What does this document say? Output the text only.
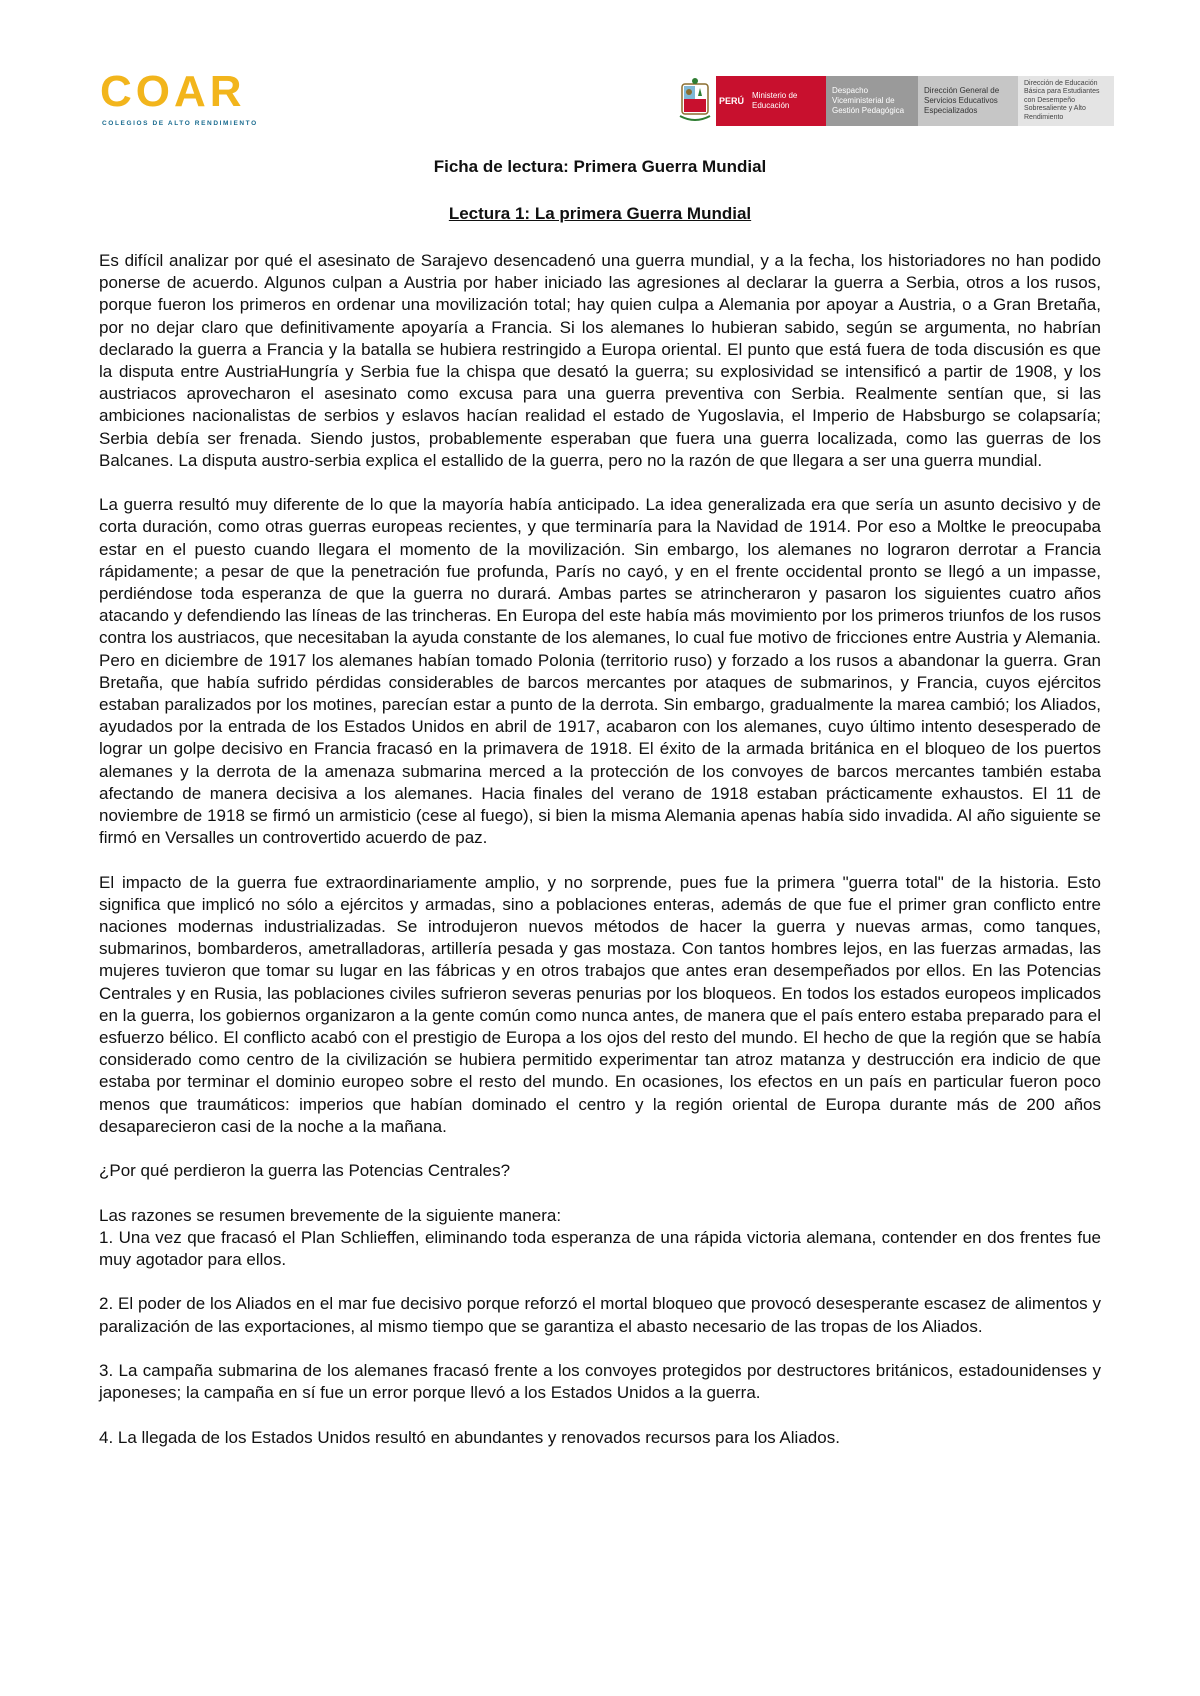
COAR
COLEGIOS DE ALTO RENDIMIENTO
PERÚ
Ministerio de Educación
Despacho Viceministerial de Gestión Pedagógica
Dirección General de Servicios Educativos Especializados
Dirección de Educación Básica para Estudiantes con Desempeño Sobresaliente y Alto Rendimiento
Ficha de lectura: Primera Guerra Mundial
Lectura 1: La primera Guerra Mundial

Es difícil analizar por qué el asesinato de Sarajevo desencadenó una guerra mundial, y a la fecha, los historiadores no han podido ponerse de acuerdo. Algunos culpan a Austria por haber iniciado las agresiones al declarar la guerra a Serbia, otros a los rusos, porque fueron los primeros en ordenar una movilización total; hay quien culpa a Alemania por apoyar a Austria, o a Gran Bretaña, por no dejar claro que definitivamente apoyaría a Francia. Si los alemanes lo hubieran sabido, según se argumenta, no habrían declarado la guerra a Francia y la batalla se hubiera restringido a Europa oriental. El punto que está fuera de toda discusión es que la disputa entre AustriaHungría y Serbia fue la chispa que desató la guerra; su explosividad se intensificó a partir de 1908, y los austriacos aprovecharon el asesinato como excusa para una guerra preventiva con Serbia. Realmente sentían que, si las ambiciones nacionalistas de serbios y eslavos hacían realidad el estado de Yugoslavia, el Imperio de Habsburgo se colapsaría; Serbia debía ser frenada. Siendo justos, probablemente esperaban que fuera una guerra localizada, como las guerras de los Balcanes. La disputa austro-serbia explica el estallido de la guerra, pero no la razón de que llegara a ser una guerra mundial.

La guerra resultó muy diferente de lo que la mayoría había anticipado. La idea generalizada era que sería un asunto decisivo y de corta duración, como otras guerras europeas recientes, y que terminaría para la Navidad de 1914. Por eso a Moltke le preocupaba estar en el puesto cuando llegara el momento de la movilización. Sin embargo, los alemanes no lograron derrotar a Francia rápidamente; a pesar de que la penetración fue profunda, París no cayó, y en el frente occidental pronto se llegó a un impasse, perdiéndose toda esperanza de que la guerra no durará. Ambas partes se atrincheraron y pasaron los siguientes cuatro años atacando y defendiendo las líneas de las trincheras. En Europa del este había más movimiento por los primeros triunfos de los rusos contra los austriacos, que necesitaban la ayuda constante de los alemanes, lo cual fue motivo de fricciones entre Austria y Alemania. Pero en diciembre de 1917 los alemanes habían tomado Polonia (territorio ruso) y forzado a los rusos a abandonar la guerra. Gran Bretaña, que había sufrido pérdidas considerables de barcos mercantes por ataques de submarinos, y Francia, cuyos ejércitos estaban paralizados por los motines, parecían estar a punto de la derrota. Sin embargo, gradualmente la marea cambió; los Aliados, ayudados por la entrada de los Estados Unidos en abril de 1917, acabaron con los alemanes, cuyo último intento desesperado de lograr un golpe decisivo en Francia fracasó en la primavera de 1918. El éxito de la armada británica en el bloqueo de los puertos alemanes y la derrota de la amenaza submarina merced a la protección de los convoyes de barcos mercantes también estaba afectando de manera decisiva a los alemanes. Hacia finales del verano de 1918 estaban prácticamente exhaustos. El 11 de noviembre de 1918 se firmó un armisticio (cese al fuego), si bien la misma Alemania apenas había sido invadida. Al año siguiente se firmó en Versalles un controvertido acuerdo de paz.

El impacto de la guerra fue extraordinariamente amplio, y no sorprende, pues fue la primera "guerra total" de la historia. Esto significa que implicó no sólo a ejércitos y armadas, sino a poblaciones enteras, además de que fue el primer gran conflicto entre naciones modernas industrializadas. Se introdujeron nuevos métodos de hacer la guerra y nuevas armas, como tanques, submarinos, bombarderos, ametralladoras, artillería pesada y gas mostaza. Con tantos hombres lejos, en las fuerzas armadas, las mujeres tuvieron que tomar su lugar en las fábricas y en otros trabajos que antes eran desempeñados por ellos. En las Potencias Centrales y en Rusia, las poblaciones civiles sufrieron severas penurias por los bloqueos. En todos los estados europeos implicados en la guerra, los gobiernos organizaron a la gente común como nunca antes, de manera que el país entero estaba preparado para el esfuerzo bélico. El conflicto acabó con el prestigio de Europa a los ojos del resto del mundo. El hecho de que la región que se había considerado como centro de la civilización se hubiera permitido experimentar tan atroz matanza y destrucción era indicio de que estaba por terminar el dominio europeo sobre el resto del mundo. En ocasiones, los efectos en un país en particular fueron poco menos que traumáticos: imperios que habían dominado el centro y la región oriental de Europa durante más de 200 años desaparecieron casi de la noche a la mañana.

¿Por qué perdieron la guerra las Potencias Centrales?

Las razones se resumen brevemente de la siguiente manera:

1. Una vez que fracasó el Plan Schlieffen, eliminando toda esperanza de una rápida victoria alemana, contender en dos frentes fue muy agotador para ellos.

2. El poder de los Aliados en el mar fue decisivo porque reforzó el mortal bloqueo que provocó desesperante escasez de alimentos y paralización de las exportaciones, al mismo tiempo que se garantiza el abasto necesario de las tropas de los Aliados.

3. La campaña submarina de los alemanes fracasó frente a los convoyes protegidos por destructores británicos, estadounidenses y japoneses; la campaña en sí fue un error porque llevó a los Estados Unidos a la guerra.

4. La llegada de los Estados Unidos resultó en abundantes y renovados recursos para los Aliados.
